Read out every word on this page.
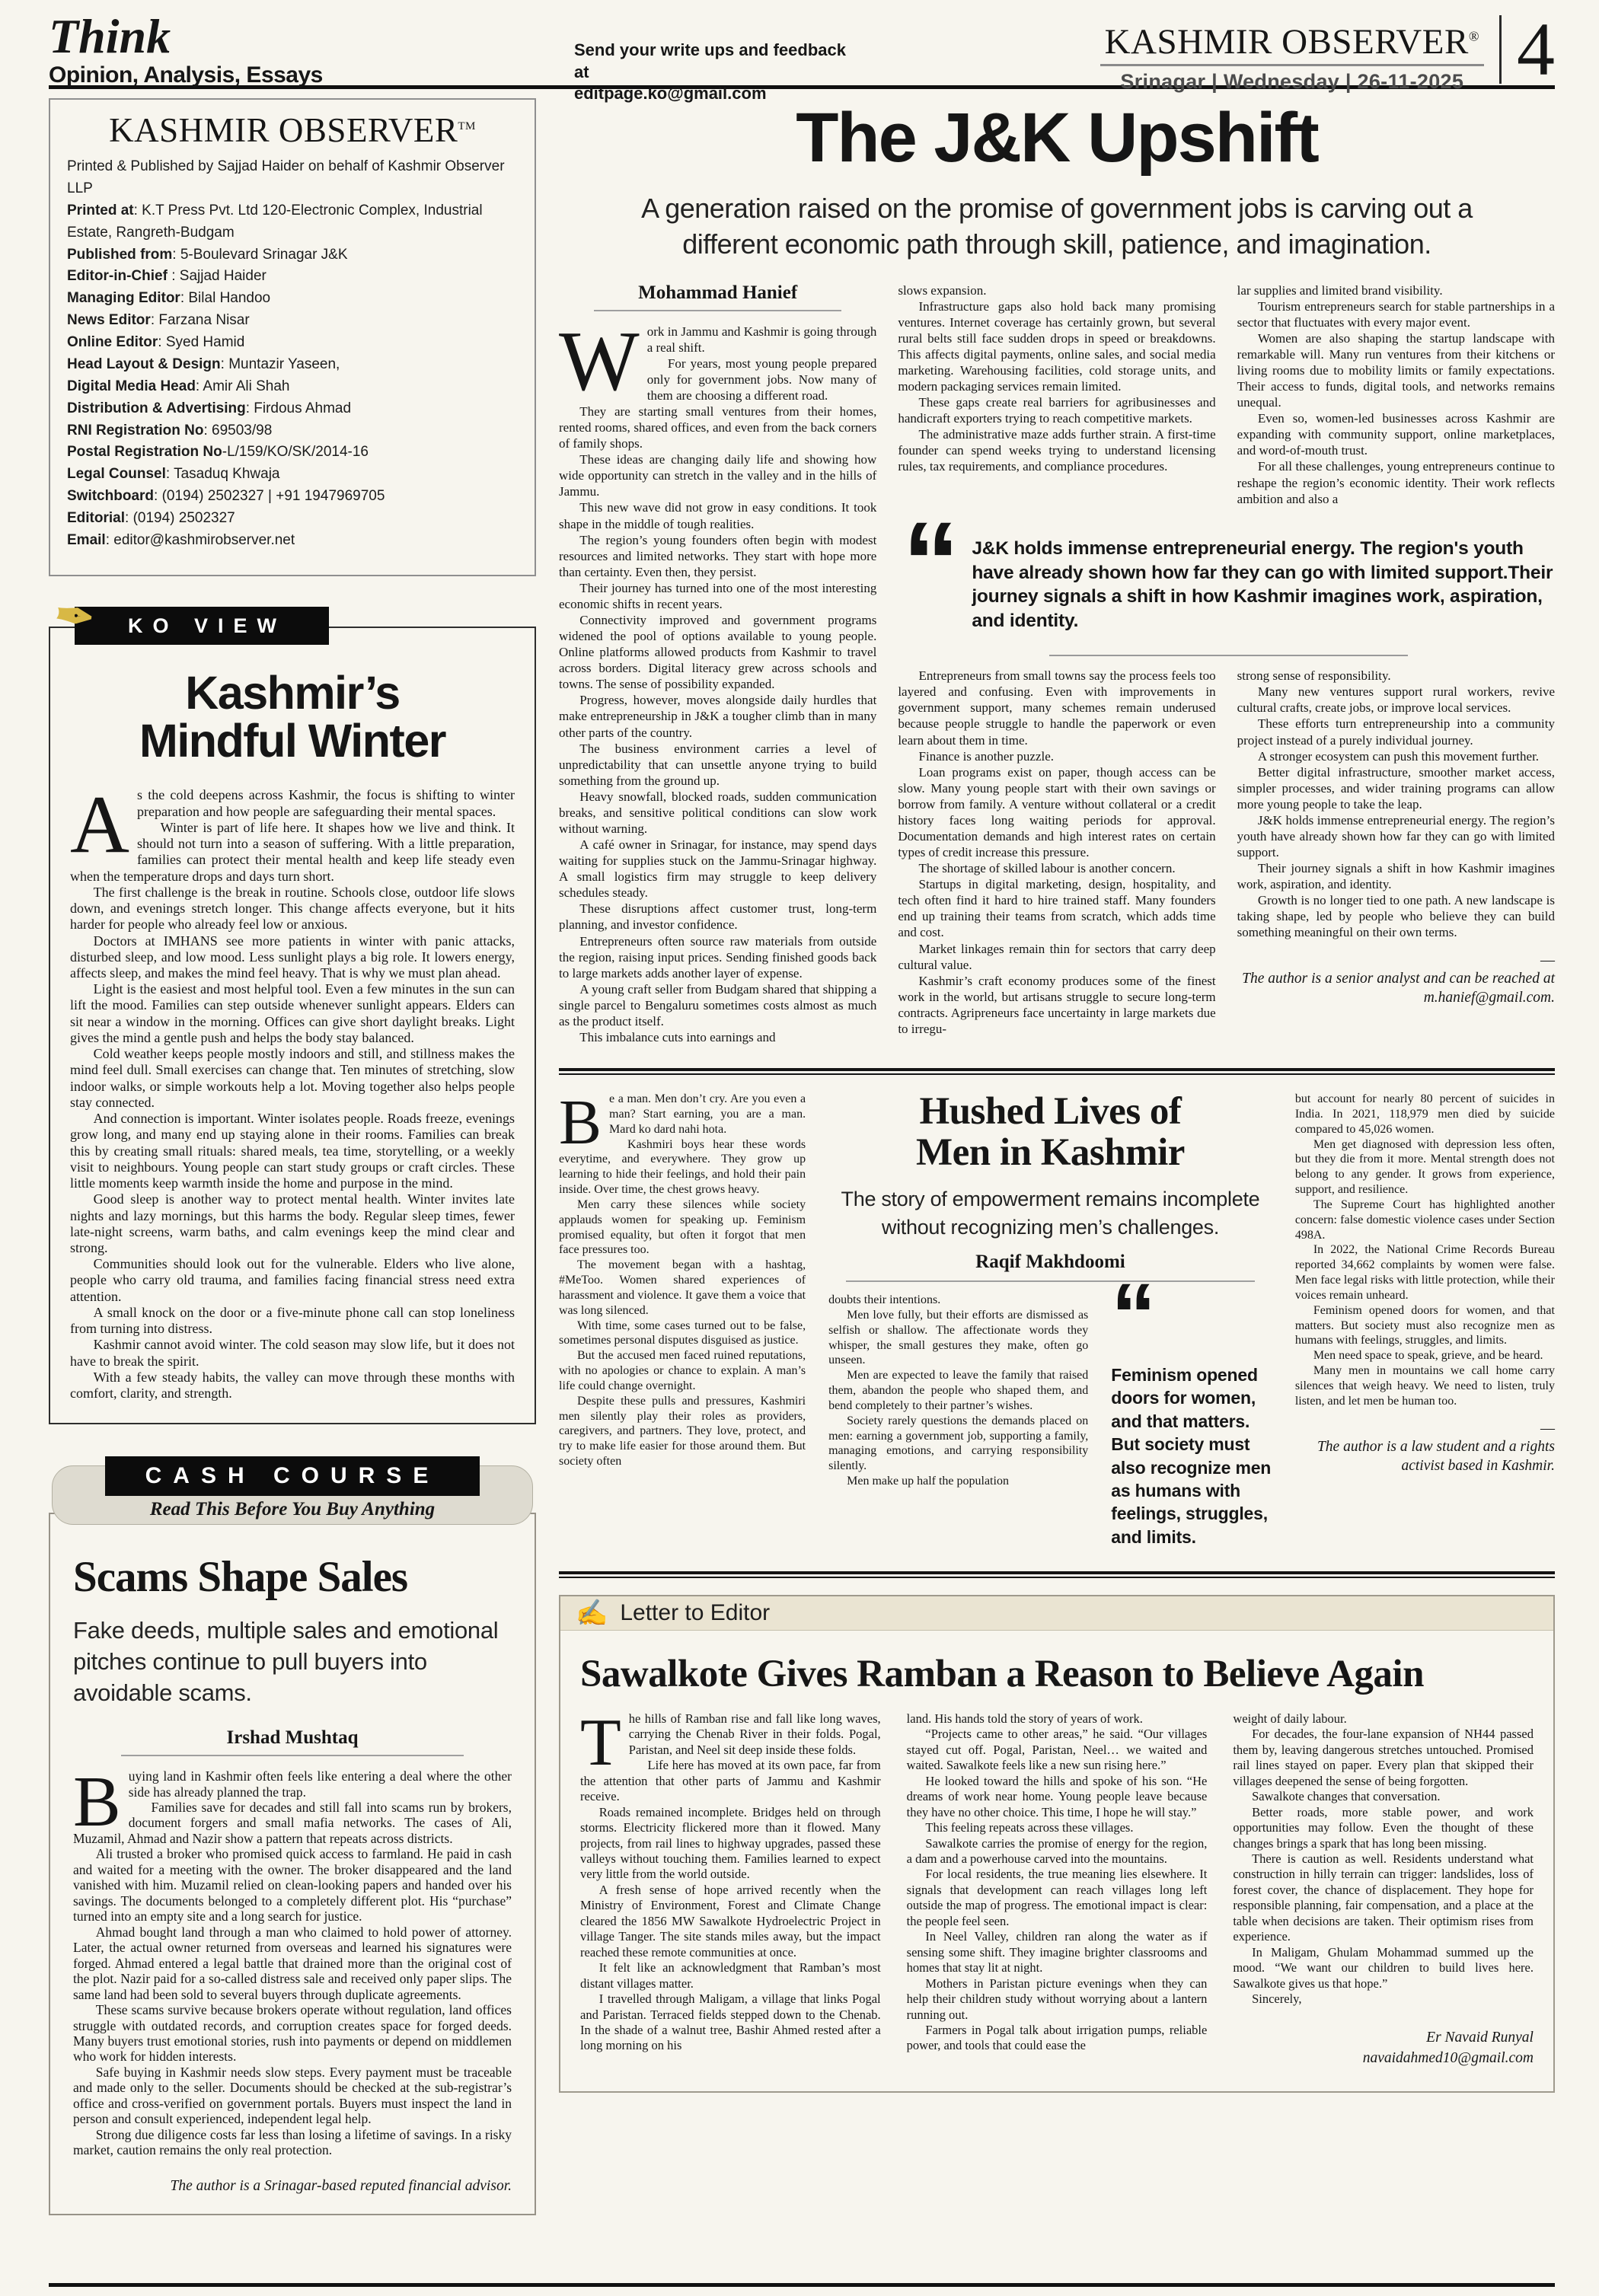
Think
Opinion, Analysis, Essays
Send your write ups and feedback at
editpage.ko@gmail.com
KASHMIR OBSERVER®
Srinagar | Wednesday | 26-11-2025 4
KASHMIR OBSERVER™
Printed & Published by Sajjad Haider on behalf of Kashmir Observer LLP
Printed at: K.T Press Pvt. Ltd 120-Electronic Complex, Industrial Estate, Rangreth-Budgam
Published from: 5-Boulevard Srinagar J&K
Editor-in-Chief : Sajjad Haider
Managing Editor: Bilal Handoo
News Editor: Farzana Nisar
Online Editor: Syed Hamid
Head Layout & Design: Muntazir Yaseen,
Digital Media Head: Amir Ali Shah
Distribution & Advertising: Firdous Ahmad
RNI Registration No: 69503/98
Postal Registration No-L/159/KO/SK/2014-16
Legal Counsel: Tasaduq Khwaja
Switchboard: (0194) 2502327 | +91 1947969705
Editorial: (0194) 2502327
Email: editor@kashmirobserver.net
✒ KO VIEW
Kashmir’s
Mindful Winter

As the cold deepens across Kashmir, the focus is shifting to winter preparation and how people are safeguarding their mental spaces.

Winter is part of life here. It shapes how we live and think. It should not turn into a season of suffering. With a little preparation, families can protect their mental health and keep life steady even when the temperature drops and days turn short.

The first challenge is the break in routine. Schools close, outdoor life slows down, and evenings stretch longer. This change affects everyone, but it hits harder for people who already feel low or anxious.

Doctors at IMHANS see more patients in winter with panic attacks, disturbed sleep, and low mood. Less sunlight plays a big role. It lowers energy, affects sleep, and makes the mind feel heavy. That is why we must plan ahead.

Light is the easiest and most helpful tool. Even a few minutes in the sun can lift the mood. Families can step outside whenever sunlight appears. Elders can sit near a window in the morning. Offices can give short daylight breaks. Light gives the mind a gentle push and helps the body stay balanced.

Cold weather keeps people mostly indoors and still, and stillness makes the mind feel dull. Small exercises can change that. Ten minutes of stretching, slow indoor walks, or simple workouts help a lot. Moving together also helps people stay connected.

And connection is important. Winter isolates people. Roads freeze, evenings grow long, and many end up staying alone in their rooms. Families can break this by creating small rituals: shared meals, tea time, storytelling, or a weekly visit to neighbours. Young people can start study groups or craft circles. These little moments keep warmth inside the home and purpose in the mind.

Good sleep is another way to protect mental health. Winter invites late nights and lazy mornings, but this harms the body. Regular sleep times, fewer late-night screens, warm baths, and calm evenings keep the mind clear and strong.

Communities should look out for the vulnerable. Elders who live alone, people who carry old trauma, and families facing financial stress need extra attention.

A small knock on the door or a five-minute phone call can stop loneliness from turning into distress.

Kashmir cannot avoid winter. The cold season may slow life, but it does not have to break the spirit.

With a few steady habits, the valley can move through these months with comfort, clarity, and strength.

CASH COURSE
Read This Before You Buy Anything
Scams Shape Sales
Fake deeds, multiple sales and emotional pitches continue to pull buyers into avoidable scams.
Irshad Mushtaq

Buying land in Kashmir often feels like entering a deal where the other side has already planned the trap.

Families save for decades and still fall into scams run by brokers, document forgers and small mafia networks. The cases of Ali, Muzamil, Ahmad and Nazir show a pattern that repeats across districts.

Ali trusted a broker who promised quick access to farmland. He paid in cash and waited for a meeting with the owner. The broker disappeared and the land vanished with him. Muzamil relied on clean-looking papers and handed over his savings. The documents belonged to a completely different plot. His “purchase” turned into an empty site and a long search for justice.

Ahmad bought land through a man who claimed to hold power of attorney. Later, the actual owner returned from overseas and learned his signatures were forged. Ahmad entered a legal battle that drained more than the original cost of the plot. Nazir paid for a so-called distress sale and received only paper slips. The same land had been sold to several buyers through duplicate agreements.

These scams survive because brokers operate without regulation, land offices struggle with outdated records, and corruption creates space for forged deeds. Many buyers trust emotional stories, rush into payments or depend on middlemen who work for hidden interests.

Safe buying in Kashmir needs slow steps. Every payment must be traceable and made only to the seller. Documents should be checked at the sub-registrar’s office and cross-verified on government portals. Buyers must inspect the land in person and consult experienced, independent legal help.

Strong due diligence costs far less than losing a lifetime of savings. In a risky market, caution remains the only real protection.

The author is a Srinagar-based reputed financial advisor.
The J&K Upshift
A generation raised on the promise of government jobs is carving out a different economic path through skill, patience, and imagination.
Mohammad Hanief

Work in Jammu and Kashmir is going through a real shift.

For years, most young people prepared only for government jobs. Now many of them are choosing a different road.

They are starting small ventures from their homes, rented rooms, shared offices, and even from the back corners of family shops.

These ideas are changing daily life and showing how wide opportunity can stretch in the valley and in the hills of Jammu.

This new wave did not grow in easy conditions. It took shape in the middle of tough realities.

The region’s young founders often begin with modest resources and limited networks. They start with hope more than certainty. Even then, they persist.

Their journey has turned into one of the most interesting economic shifts in recent years.

Connectivity improved and government programs widened the pool of options available to young people. Online platforms allowed products from Kashmir to travel across borders. Digital literacy grew across schools and towns. The sense of possibility expanded.

Progress, however, moves alongside daily hurdles that make entrepreneurship in J&K a tougher climb than in many other parts of the country.

The business environment carries a level of unpredictability that can unsettle anyone trying to build something from the ground up.

Heavy snowfall, blocked roads, sudden communication breaks, and sensitive political conditions can slow work without warning.

A café owner in Srinagar, for instance, may spend days waiting for supplies stuck on the Jammu-Srinagar highway. A small logistics firm may struggle to keep delivery schedules steady.

These disruptions affect customer trust, long-term planning, and investor confidence.

Entrepreneurs often source raw materials from outside the region, raising input prices. Sending finished goods back to large markets adds another layer of expense.

A young craft seller from Budgam shared that shipping a single parcel to Bengaluru sometimes costs almost as much as the product itself.

This imbalance cuts into earnings and

slows expansion.

Infrastructure gaps also hold back many promising ventures. Internet coverage has certainly grown, but several rural belts still face sudden drops in speed or breakdowns. This affects digital payments, online sales, and social media marketing. Warehousing facilities, cold storage units, and modern packaging services remain limited.

These gaps create real barriers for agribusinesses and handicraft exporters trying to reach competitive markets.

The administrative maze adds further strain. A first-time founder can spend weeks trying to understand licensing rules, tax requirements, and compliance procedures.

lar supplies and limited brand visibility.

Tourism entrepreneurs search for stable partnerships in a sector that fluctuates with every major event.

Women are also shaping the startup landscape with remarkable will. Many run ventures from their kitchens or living rooms due to mobility limits or family expectations. Their access to funds, digital tools, and networks remains unequal.

Even so, women-led businesses across Kashmir are expanding with community support, online marketplaces, and word-of-mouth trust.

For all these challenges, young entrepreneurs continue to reshape the region’s economic identity. Their work reflects ambition and also a

“ J&K holds immense entrepreneurial energy. The region's youth have already shown how far they can go with limited support.Their journey signals a shift in how Kashmir imagines work, aspiration, and identity.

Entrepreneurs from small towns say the process feels too layered and confusing. Even with improvements in government support, many schemes remain underused because people struggle to handle the paperwork or even learn about them in time.

Finance is another puzzle.

Loan programs exist on paper, though access can be slow. Many young people start with their own savings or borrow from family. A venture without collateral or a credit history faces long waiting periods for approval. Documentation demands and high interest rates on certain types of credit increase this pressure.

The shortage of skilled labour is another concern.

Startups in digital marketing, design, hospitality, and tech often find it hard to hire trained staff. Many founders end up training their teams from scratch, which adds time and cost.

Market linkages remain thin for sectors that carry deep cultural value.

Kashmir’s craft economy produces some of the finest work in the world, but artisans struggle to secure long-term contracts. Agripreneurs face uncertainty in large markets due to irregu-

strong sense of responsibility.

Many new ventures support rural workers, revive cultural crafts, create jobs, or improve local services.

These efforts turn entrepreneurship into a community project instead of a purely individual journey.

A stronger ecosystem can push this movement further.

Better digital infrastructure, smoother market access, simpler processes, and wider training programs can allow more young people to take the leap.

J&K holds immense entrepreneurial energy. The region’s youth have already shown how far they can go with limited support.

Their journey signals a shift in how Kashmir imagines work, aspiration, and identity.

Growth is no longer tied to one path. A new landscape is taking shape, led by people who believe they can build something meaningful on their own terms.

—
The author is a senior analyst and can be reached at m.hanief@gmail.com.

Be a man. Men don’t cry. Are you even a man? Start earning, you are a man. Mard ko dard nahi hota.

Kashmiri boys hear these words everytime, and everywhere. They grow up learning to hide their feelings, and hold their pain inside. Over time, the chest grows heavy.

Men carry these silences while society applauds women for speaking up. Feminism promised equality, but often it forgot that men face pressures too.

The movement began with a hashtag, #MeToo. Women shared experiences of harassment and violence. It gave them a voice that was long silenced.

With time, some cases turned out to be false, sometimes personal disputes disguised as justice.

But the accused men faced ruined reputations, with no apologies or chance to explain. A man’s life could change overnight.

Despite these pulls and pressures, Kashmiri men silently play their roles as providers, caregivers, and partners. They love, protect, and try to make life easier for those around them. But society often

Hushed Lives of
Men in Kashmir
The story of empowerment remains incomplete without recognizing men’s challenges.
Raqif Makhdoomi

doubts their intentions.

Men love fully, but their efforts are dismissed as selfish or shallow. The affectionate words they whisper, the small gestures they make, often go unseen.

Men are expected to leave the family that raised them, abandon the people who shaped them, and bend completely to their partner’s wishes.

Society rarely questions the demands placed on men: earning a government job, supporting a family, managing emotions, and carrying responsibility silently.

Men make up half the population

“
Feminism opened doors for women, and that matters. But society must also recognize men as humans with feelings, struggles, and limits.

but account for nearly 80 percent of suicides in India. In 2021, 118,979 men died by suicide compared to 45,026 women.

Men get diagnosed with depression less often, but they die from it more. Mental strength does not belong to any gender. It grows from experience, support, and resilience.

The Supreme Court has highlighted another concern: false domestic violence cases under Section 498A.

In 2022, the National Crime Records Bureau reported 34,662 complaints by women were false. Men face legal risks with little protection, while their voices remain unheard.

Feminism opened doors for women, and that matters. But society must also recognize men as humans with feelings, struggles, and limits.

Men need space to speak, grieve, and be heard.

Many men in mountains we call home carry silences that weigh heavy. We need to listen, truly listen, and let men be human too.

—
The author is a law student and a rights activist based in Kashmir.
✍ Letter to Editor
Sawalkote Gives Ramban a Reason to Believe Again

The hills of Ramban rise and fall like long waves, carrying the Chenab River in their folds. Pogal, Paristan, and Neel sit deep inside these folds.

Life here has moved at its own pace, far from the attention that other parts of Jammu and Kashmir receive.

Roads remained incomplete. Bridges held on through storms. Electricity flickered more than it flowed. Many projects, from rail lines to highway upgrades, passed these valleys without touching them. Families learned to expect very little from the world outside.

A fresh sense of hope arrived recently when the Ministry of Environment, Forest and Climate Change cleared the 1856 MW Sawalkote Hydroelectric Project in village Tanger. The site stands miles away, but the impact reached these remote communities at once.

It felt like an acknowledgment that Ramban’s most distant villages matter.

I travelled through Maligam, a village that links Pogal and Paristan. Terraced fields stepped down to the Chenab. In the shade of a walnut tree, Bashir Ahmed rested after a long morning on his

land. His hands told the story of years of work.

“Projects came to other areas,” he said. “Our villages stayed cut off. Pogal, Paristan, Neel… we waited and waited. Sawalkote feels like a new sun rising here.”

He looked toward the hills and spoke of his son. “He dreams of work near home. Young people leave because they have no other choice. This time, I hope he will stay.”

This feeling repeats across these villages.

Sawalkote carries the promise of energy for the region, a dam and a powerhouse carved into the mountains.

For local residents, the true meaning lies elsewhere. It signals that development can reach villages long left outside the map of progress. The emotional impact is clear: the people feel seen.

In Neel Valley, children ran along the water as if sensing some shift. They imagine brighter classrooms and homes that stay lit at night.

Mothers in Paristan picture evenings when they can help their children study without worrying about a lantern running out.

Farmers in Pogal talk about irrigation pumps, reliable power, and tools that could ease the

weight of daily labour.

For decades, the four-lane expansion of NH44 passed them by, leaving dangerous stretches untouched. Promised rail lines stayed on paper. Every plan that skipped their villages deepened the sense of being forgotten.

Sawalkote changes that conversation.

Better roads, more stable power, and work opportunities may follow. Even the thought of these changes brings a spark that has long been missing.

There is caution as well. Residents understand what construction in hilly terrain can trigger: landslides, loss of forest cover, the chance of displacement. They hope for responsible planning, fair compensation, and a place at the table when decisions are taken. Their optimism rises from experience.

In Maligam, Ghulam Mohammad summed up the mood. “We want our children to build lives here. Sawalkote gives us that hope.”

Sincerely,

Er Navaid Runyal
navaidahmed10@gmail.com
